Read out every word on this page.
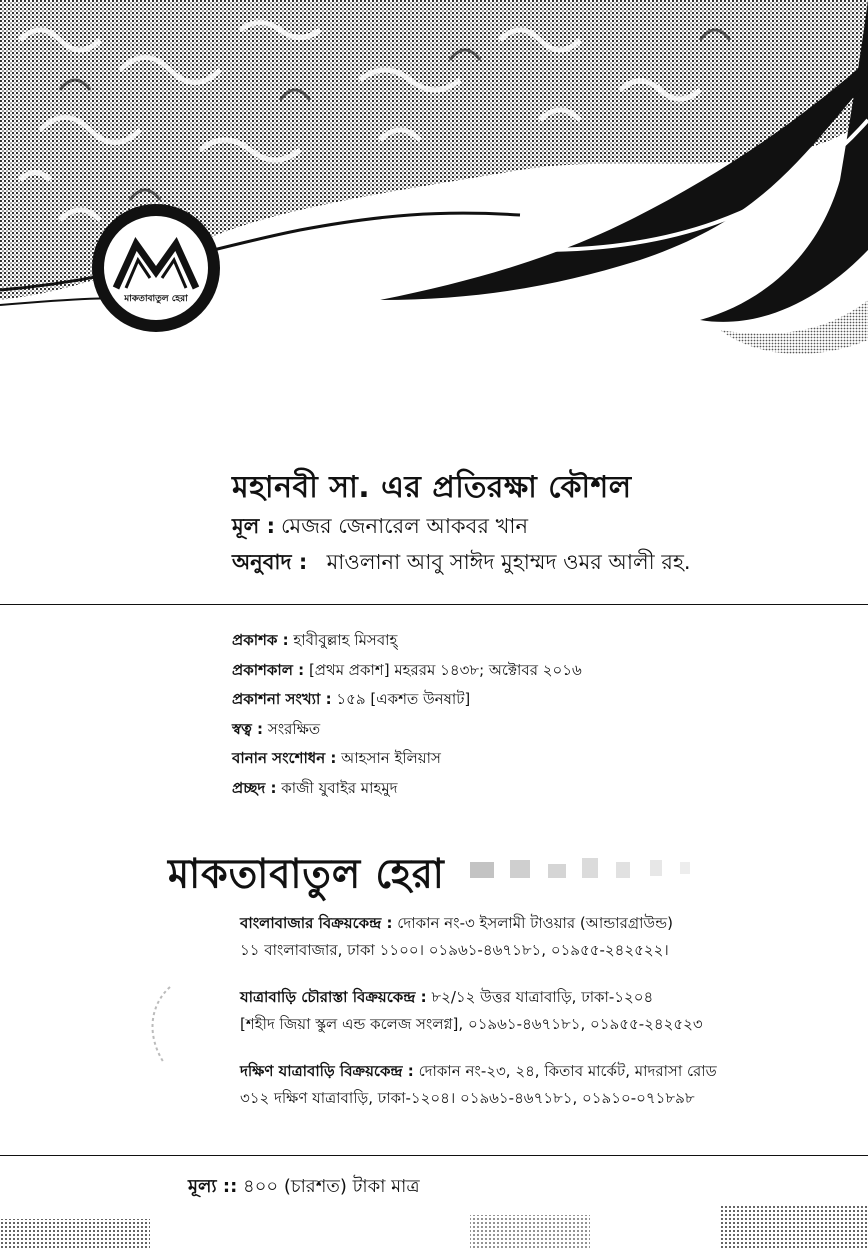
মাকতাবাতুল হেরা
মহানবী সা. এর প্রতিরক্ষা কৌশল
মূল : মেজর জেনারেল আকবর খান
অনুবাদ : মাওলানা আবু সাঈদ মুহাম্মদ ওমর আলী রহ.
প্রকাশক : হাবীবুল্লাহ মিসবাহ্
প্রকাশকাল : [প্রথম প্রকাশ] মহররম ১৪৩৮; অক্টোবর ২০১৬
প্রকাশনা সংখ্যা : ১৫৯ [একশত উনষাট]
স্বত্ব : সংরক্ষিত
বানান সংশোধন : আহসান ইলিয়াস
প্রচ্ছদ : কাজী যুবাইর মাহমুদ
মাকতাবাতুল হেরা
বাংলাবাজার বিক্রয়কেন্দ্র : দোকান নং-৩ ইসলামী টাওয়ার (আন্ডারগ্রাউন্ড)
১১ বাংলাবাজার, ঢাকা ১১০০। ০১৯৬১-৪৬৭১৮১, ০১৯৫৫-২৪২৫২২।
যাত্রাবাড়ি চৌরাস্তা বিক্রয়কেন্দ্র : ৮২/১২ উত্তর যাত্রাবাড়ি, ঢাকা-১২০৪
[শহীদ জিয়া স্কুল এন্ড কলেজ সংলগ্ন], ০১৯৬১-৪৬৭১৮১, ০১৯৫৫-২৪২৫২৩
দক্ষিণ যাত্রাবাড়ি বিক্রয়কেন্দ্র : দোকান নং-২৩, ২৪, কিতাব মার্কেট, মাদরাসা রোড
৩১২ দক্ষিণ যাত্রাবাড়ি, ঢাকা-১২০৪। ০১৯৬১-৪৬৭১৮১, ০১৯১০-০৭১৮৯৮
মূল্য :: ৪০০ (চারশত) টাকা মাত্র
